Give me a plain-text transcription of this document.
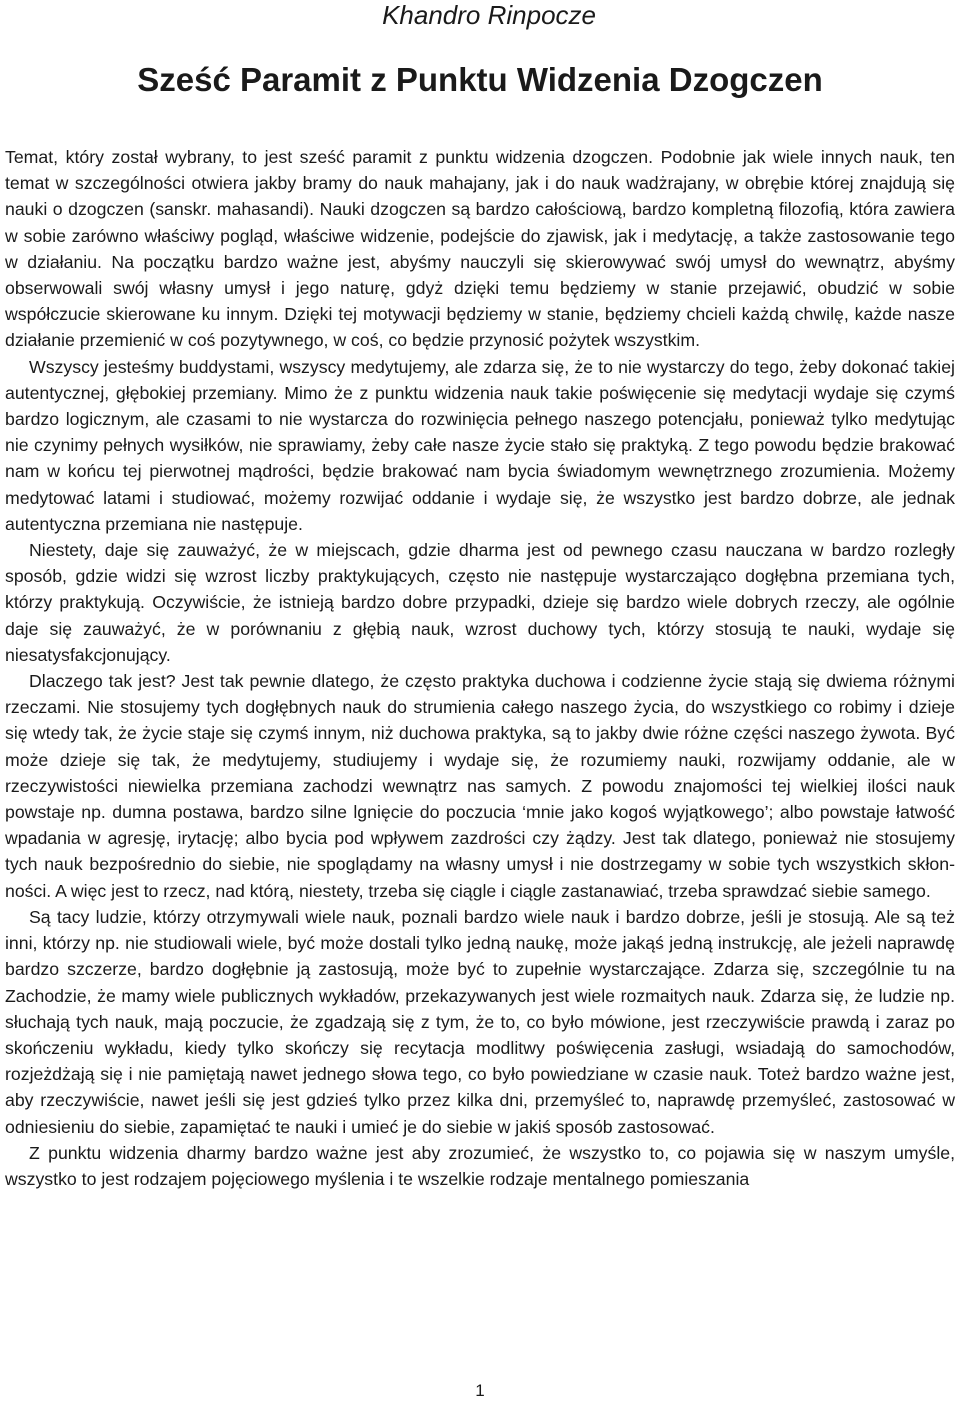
Khandro Rinpocze
Sześć Paramit z Punktu Widzenia Dzogczen

Temat, który został wybrany, to jest sześć paramit z punktu widzenia dzogczen. Podobnie jak wiele innych nauk, ten temat w szczególności otwiera jakby bramy do nauk mahajany, jak i do nauk wadżrajany, w obrębie której znajdują się nauki o dzogczen (sanskr. mahasandi). Nauki dzogczen są bardzo całościową, bardzo kompletną filozofią, która zawiera w sobie zarówno właściwy pogląd, właściwe widzenie, podejście do zjawisk, jak i medytację, a także zastosowanie tego w działaniu. Na początku bardzo ważne jest, abyśmy nauczyli się skierowywać swój umysł do wewnątrz, abyśmy obserwowali swój własny umysł i jego naturę, gdyż dzięki temu będziemy w stanie przejawić, obudzić w sobie współczucie skierowane ku innym. Dzięki tej motywacji będziemy w stanie, będziemy chcieli każdą chwilę, każde nasze działanie przemienić w coś pozytywnego, w coś, co będzie przynosić pożytek wszystkim.

Wszyscy jesteśmy buddystami, wszyscy medytujemy, ale zdarza się, że to nie wystarczy do tego, żeby dokonać takiej autentycznej, głębokiej przemiany. Mimo że z punktu widzenia nauk takie poświęcenie się medytacji wydaje się czymś bardzo logicznym, ale czasami to nie wystarcza do rozwinięcia pełnego naszego potencjału, ponieważ tylko medytując nie czynimy pełnych wysiłków, nie sprawiamy, żeby całe nasze życie stało się praktyką. Z tego powodu będzie brakować nam w końcu tej pierwotnej mądrości, będzie brakować nam bycia świadomym wewnętrznego zrozumienia. Możemy medytować latami i studiować, możemy rozwijać oddanie i wydaje się, że wszystko jest bardzo dobrze, ale jednak autentyczna przemiana nie następuje.

Niestety, daje się zauważyć, że w miejscach, gdzie dharma jest od pewnego czasu nauczana w bardzo rozległy sposób, gdzie widzi się wzrost liczby praktykujących, często nie następuje wystarczająco dogłębna przemiana tych, którzy praktykują. Oczywiście, że istnieją bardzo dobre przypadki, dzieje się bardzo wiele dobrych rzeczy, ale ogólnie daje się zauważyć, że w porównaniu z głębią nauk, wzrost duchowy tych, którzy stosują te nauki, wydaje się niesatysfakcjonujący.

Dlaczego tak jest? Jest tak pewnie dlatego, że często praktyka duchowa i codzienne życie stają się dwiema różnymi rzeczami. Nie stosujemy tych dogłębnych nauk do strumienia całego naszego życia, do wszystkiego co robimy i dzieje się wtedy tak, że życie staje się czymś innym, niż duchowa praktyka, są to jakby dwie różne części naszego żywota. Być może dzieje się tak, że medytujemy, studiujemy i wydaje się, że rozumiemy nauki, rozwijamy oddanie, ale w rzeczywistości niewielka przemiana zachodzi wewnątrz nas samych. Z powodu znajomości tej wielkiej ilości nauk powstaje np. dumna postawa, bardzo silne lgnięcie do poczucia ‘mnie jako kogoś wyjątkowego’; albo powstaje łatwość wpadania w agresję, irytację; albo bycia pod wpływem zazdrości czy żądzy. Jest tak dlatego, ponieważ nie stosujemy tych nauk bezpośrednio do siebie, nie spoglądamy na własny umysł i nie dostrzegamy w sobie tych wszystkich skłonności. A więc jest to rzecz, nad którą, niestety, trzeba się ciągle i ciągle zastanawiać, trzeba sprawdzać siebie samego.

Są tacy ludzie, którzy otrzymywali wiele nauk, poznali bardzo wiele nauk i bardzo dobrze, jeśli je stosują. Ale są też inni, którzy np. nie studiowali wiele, być może dostali tylko jedną naukę, może jakąś jedną instrukcję, ale jeżeli naprawdę bardzo szczerze, bardzo dogłębnie ją zastosują, może być to zupełnie wystarczające. Zdarza się, szczególnie tu na Zachodzie, że mamy wiele publicznych wykładów, przekazywanych jest wiele rozmaitych nauk. Zdarza się, że ludzie np. słuchają tych nauk, mają poczucie, że zgadzają się z tym, że to, co było mówione, jest rzeczywiście prawdą i zaraz po skończeniu wykładu, kiedy tylko skończy się recytacja modlitwy poświęcenia zasługi, wsiadają do samochodów, rozjeżdżają się i nie pamiętają nawet jednego słowa tego, co było powiedziane w czasie nauk. Toteż bardzo ważne jest, aby rzeczywiście, nawet jeśli się jest gdzieś tylko przez kilka dni, przemyśleć to, naprawdę przemyśleć, zastosować w odniesieniu do siebie, zapamiętać te nauki i umieć je do siebie w jakiś sposób zastosować.

Z punktu widzenia dharmy bardzo ważne jest aby zrozumieć, że wszystko to, co pojawia się w naszym umyśle, wszystko to jest rodzajem pojęciowego myślenia i te wszelkie rodzaje mentalnego pomieszania

1
